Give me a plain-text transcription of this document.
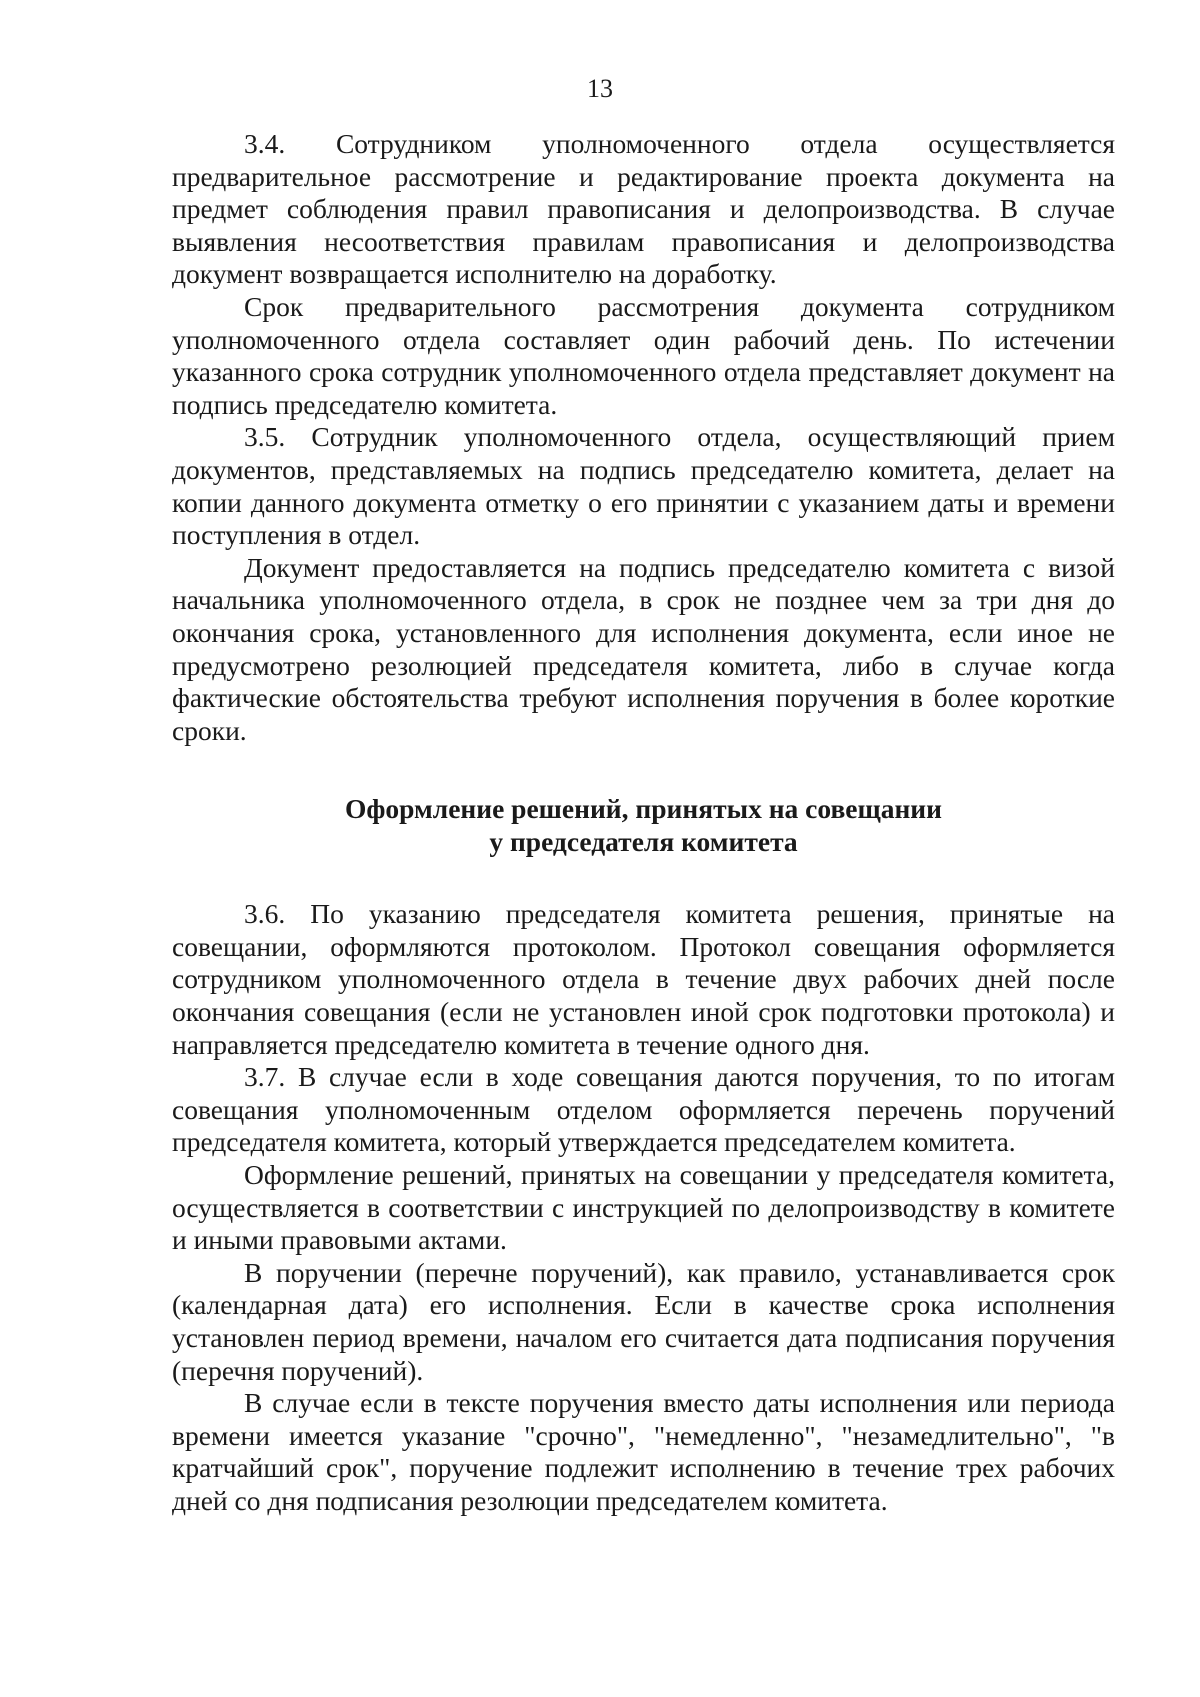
13

3.4. Сотрудником уполномоченного отдела осуществляется предварительное рассмотрение и редактирование проекта документа на предмет соблюдения правил правописания и делопроизводства. В случае выявления несоответствия правилам правописания и делопроизводства документ возвращается исполнителю на доработку.

Срок предварительного рассмотрения документа сотрудником уполномоченного отдела составляет один рабочий день. По истечении указанного срока сотрудник уполномоченного отдела представляет документ на подпись председателю комитета.

3.5. Сотрудник уполномоченного отдела, осуществляющий прием документов, представляемых на подпись председателю комитета, делает на копии данного документа отметку о его принятии с указанием даты и времени поступления в отдел.

Документ предоставляется на подпись председателю комитета с визой начальника уполномоченного отдела, в срок не позднее чем за три дня до окончания срока, установленного для исполнения документа, если иное не предусмотрено резолюцией председателя комитета, либо в случае когда фактические обстоятельства требуют исполнения поручения в более короткие сроки.

Оформление решений, принятых на совещании
у председателя комитета

3.6. По указанию председателя комитета решения, принятые на совещании, оформляются протоколом. Протокол совещания оформляется сотрудником уполномоченного отдела в течение двух рабочих дней после окончания совещания (если не установлен иной срок подготовки протокола) и направляется председателю комитета в течение одного дня.

3.7. В случае если в ходе совещания даются поручения, то по итогам совещания уполномоченным отделом оформляется перечень поручений председателя комитета, который утверждается председателем комитета.

Оформление решений, принятых на совещании у председателя комитета, осуществляется в соответствии с инструкцией по делопроизводству в комитете и иными правовыми актами.

В поручении (перечне поручений), как правило, устанавливается срок (календарная дата) его исполнения. Если в качестве срока исполнения установлен период времени, началом его считается дата подписания поручения (перечня поручений).

В случае если в тексте поручения вместо даты исполнения или периода времени имеется указание "срочно", "немедленно", "незамедлительно", "в кратчайший срок", поручение подлежит исполнению в течение трех рабочих дней со дня подписания резолюции председателем комитета.
